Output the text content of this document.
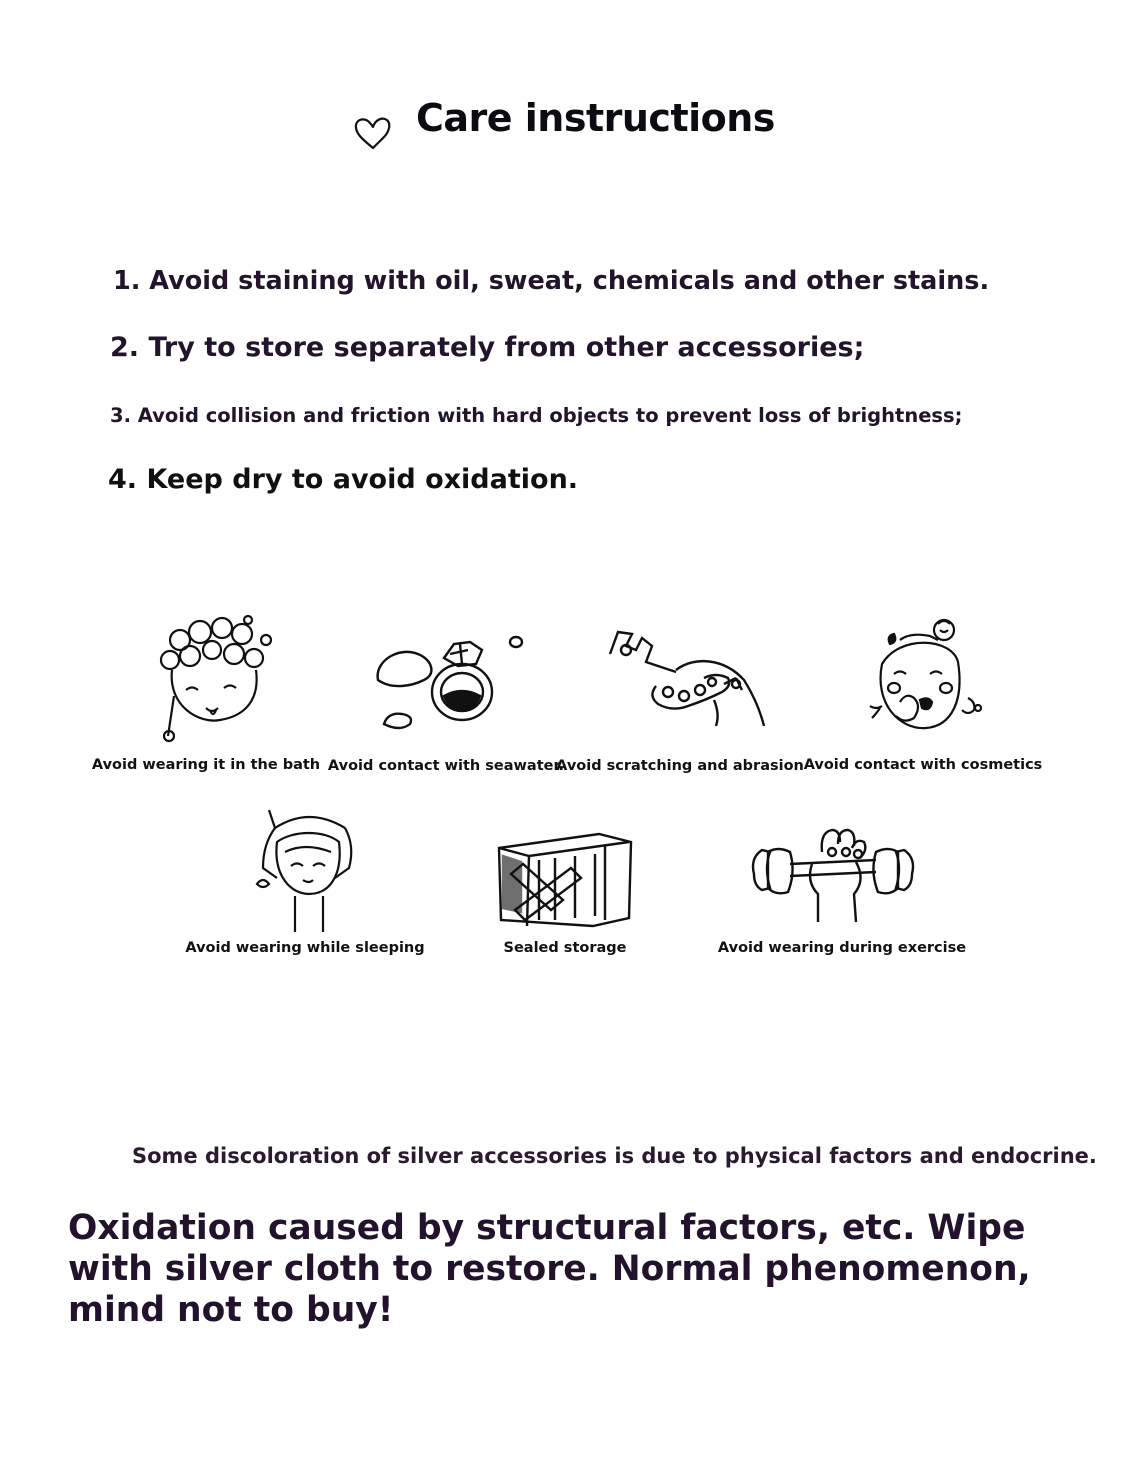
Care instructions
1. Avoid staining with oil, sweat, chemicals and other stains.
2. Try to store separately from other accessories;
3. Avoid collision and friction with hard objects to prevent loss of brightness;
4. Keep dry to avoid oxidation.
Avoid wearing it in the bath Avoid contact with seawater.
Avoid scratching and abrasion Avoid contact with cosmetics
Avoid wearing while sleeping	Sealed storage	Avoid wearing during exercise
Some discoloration of silver accessories is due to physical factors and endocrine.
Oxidation caused by structural factors, etc. Wipe with silver cloth to restore. Normal phenomenon, mind not to buy!
